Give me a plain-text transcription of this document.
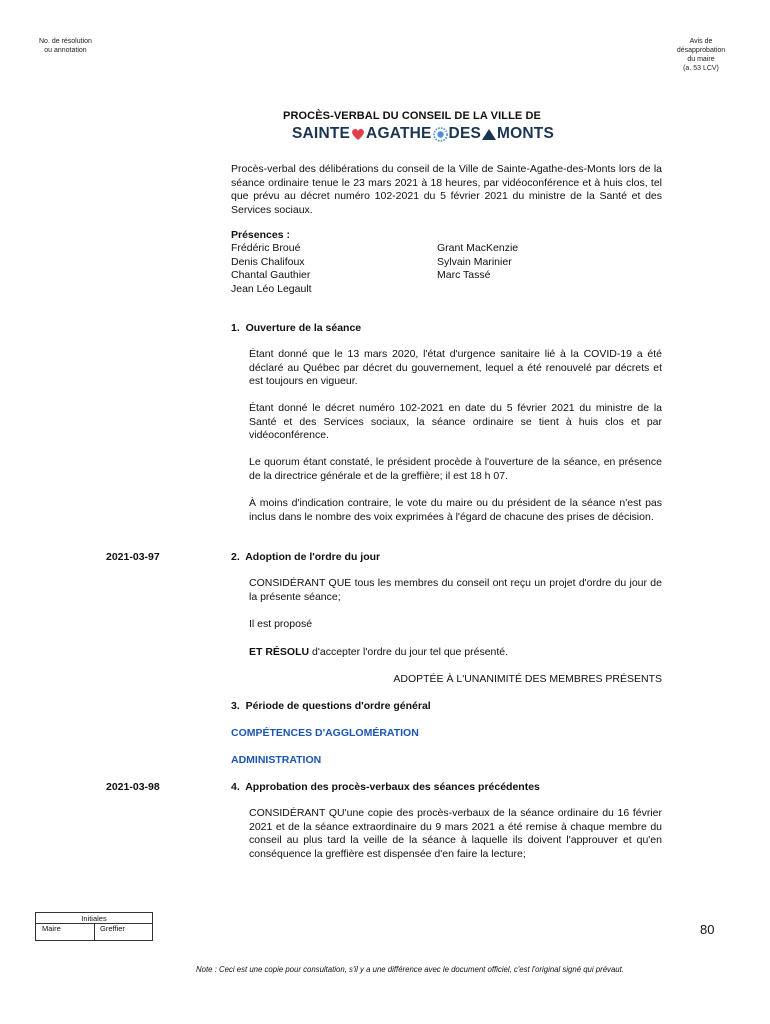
No. de résolution
ou annotation
Avis de
désapprobation
du maire
(a. 53 LCV)
PROCÈS-VERBAL DU CONSEIL DE LA VILLE DE
SAINTE AGATHE DES MONTS
Procès-verbal des délibérations du conseil de la Ville de Sainte-Agathe-des-Monts lors de la séance ordinaire tenue le 23 mars 2021 à 18 heures, par vidéoconférence et à huis clos, tel que prévu au décret numéro 102-2021 du 5 février 2021 du ministre de la Santé et des Services sociaux.
Présences :
Frédéric Broué
Denis Chalifoux
Chantal Gauthier
Jean Léo Legault
Grant MacKenzie
Sylvain Marinier
Marc Tassé
1.  Ouverture de la séance
Étant donné que le 13 mars 2020, l'état d'urgence sanitaire lié à la COVID-19 a été déclaré au Québec par décret du gouvernement, lequel a été renouvelé par décrets et est toujours en vigueur.
Étant donné le décret numéro 102-2021 en date du 5 février 2021 du ministre de la Santé et des Services sociaux, la séance ordinaire se tient à huis clos et par vidéoconférence.
Le quorum étant constaté, le président procède à l'ouverture de la séance, en présence de la directrice générale et de la greffière; il est 18 h 07.
À moins d'indication contraire, le vote du maire ou du président de la séance n'est pas inclus dans le nombre des voix exprimées à l'égard de chacune des prises de décision.
2021-03-97	2.  Adoption de l'ordre du jour
CONSIDÉRANT QUE tous les membres du conseil ont reçu un projet d'ordre du jour de la présente séance;
Il est proposé
ET RÉSOLU d'accepter l'ordre du jour tel que présenté.
ADOPTÉE À L'UNANIMITÉ DES MEMBRES PRÉSENTS
3.  Période de questions d'ordre général
COMPÉTENCES D'AGGLOMÉRATION
ADMINISTRATION
2021-03-98	4.  Approbation des procès-verbaux des séances précédentes
CONSIDÉRANT QU'une copie des procès-verbaux de la séance ordinaire du 16 février 2021 et de la séance extraordinaire du 9 mars 2021 a été remise à chaque membre du conseil au plus tard la veille de la séance à laquelle ils doivent l'approuver et qu'en conséquence la greffière est dispensée d'en faire la lecture;
Initiales
Maire	Greffier	80
Note : Ceci est une copie pour consultation, s'il y a une différence avec le document officiel, c'est l'original signé qui prévaut.
